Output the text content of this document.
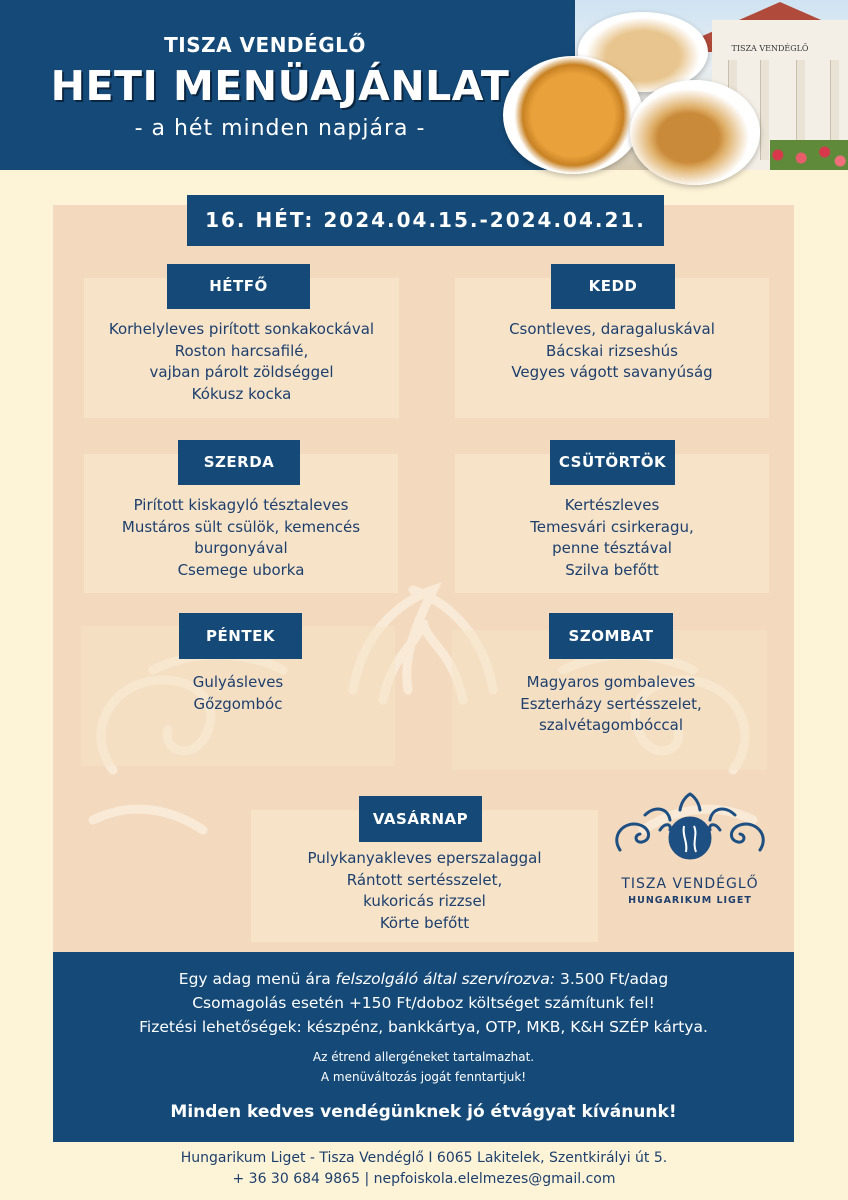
TISZA VENDÉGLŐ
HETI MENÜAJÁNLAT
- a hét minden napjára -
TISZA VENDÉGLŐ
16. HÉT: 2024.04.15.-2024.04.21.
HÉTFŐ
Korhelyleves pirított sonkakockával
Roston harcsafilé,
vajban párolt zöldséggel
Kókusz kocka
KEDD
Csontleves, daragaluskával
Bácskai rizseshús
Vegyes vágott savanyúság
SZERDA
Pirított kiskagyló tésztaleves
Mustáros sült csülök, kemencés
burgonyával
Csemege uborka
CSÜTÖRTÖK
Kertészleves
Temesvári csirkeragu,
penne tésztával
Szilva befőtt
PÉNTEK
Gulyásleves
Gőzgombóc
SZOMBAT
Magyaros gombaleves
Eszterházy sertésszelet,
szalvétagombóccal
VASÁRNAP
Pulykanyakleves eperszalaggal
Rántott sertésszelet,
kukoricás rizzsel
Körte befőtt
TISZA VENDÉGLŐ
HUNGARIKUM LIGET
Egy adag menü ára felszolgáló által szervírozva: 3.500 Ft/adag
Csomagolás esetén +150 Ft/doboz költséget számítunk fel!
Fizetési lehetőségek: készpénz, bankkártya, OTP, MKB, K&H SZÉP kártya.
Az étrend allergéneket tartalmazhat.
A menüváltozás jogát fenntartjuk!
Minden kedves vendégünknek jó étvágyat kívánunk!
Hungarikum Liget - Tisza Vendéglő I 6065 Lakitelek, Szentkirályi út 5.
+ 36 30 684 9865 | nepfoiskola.elelmezes@gmail.com
